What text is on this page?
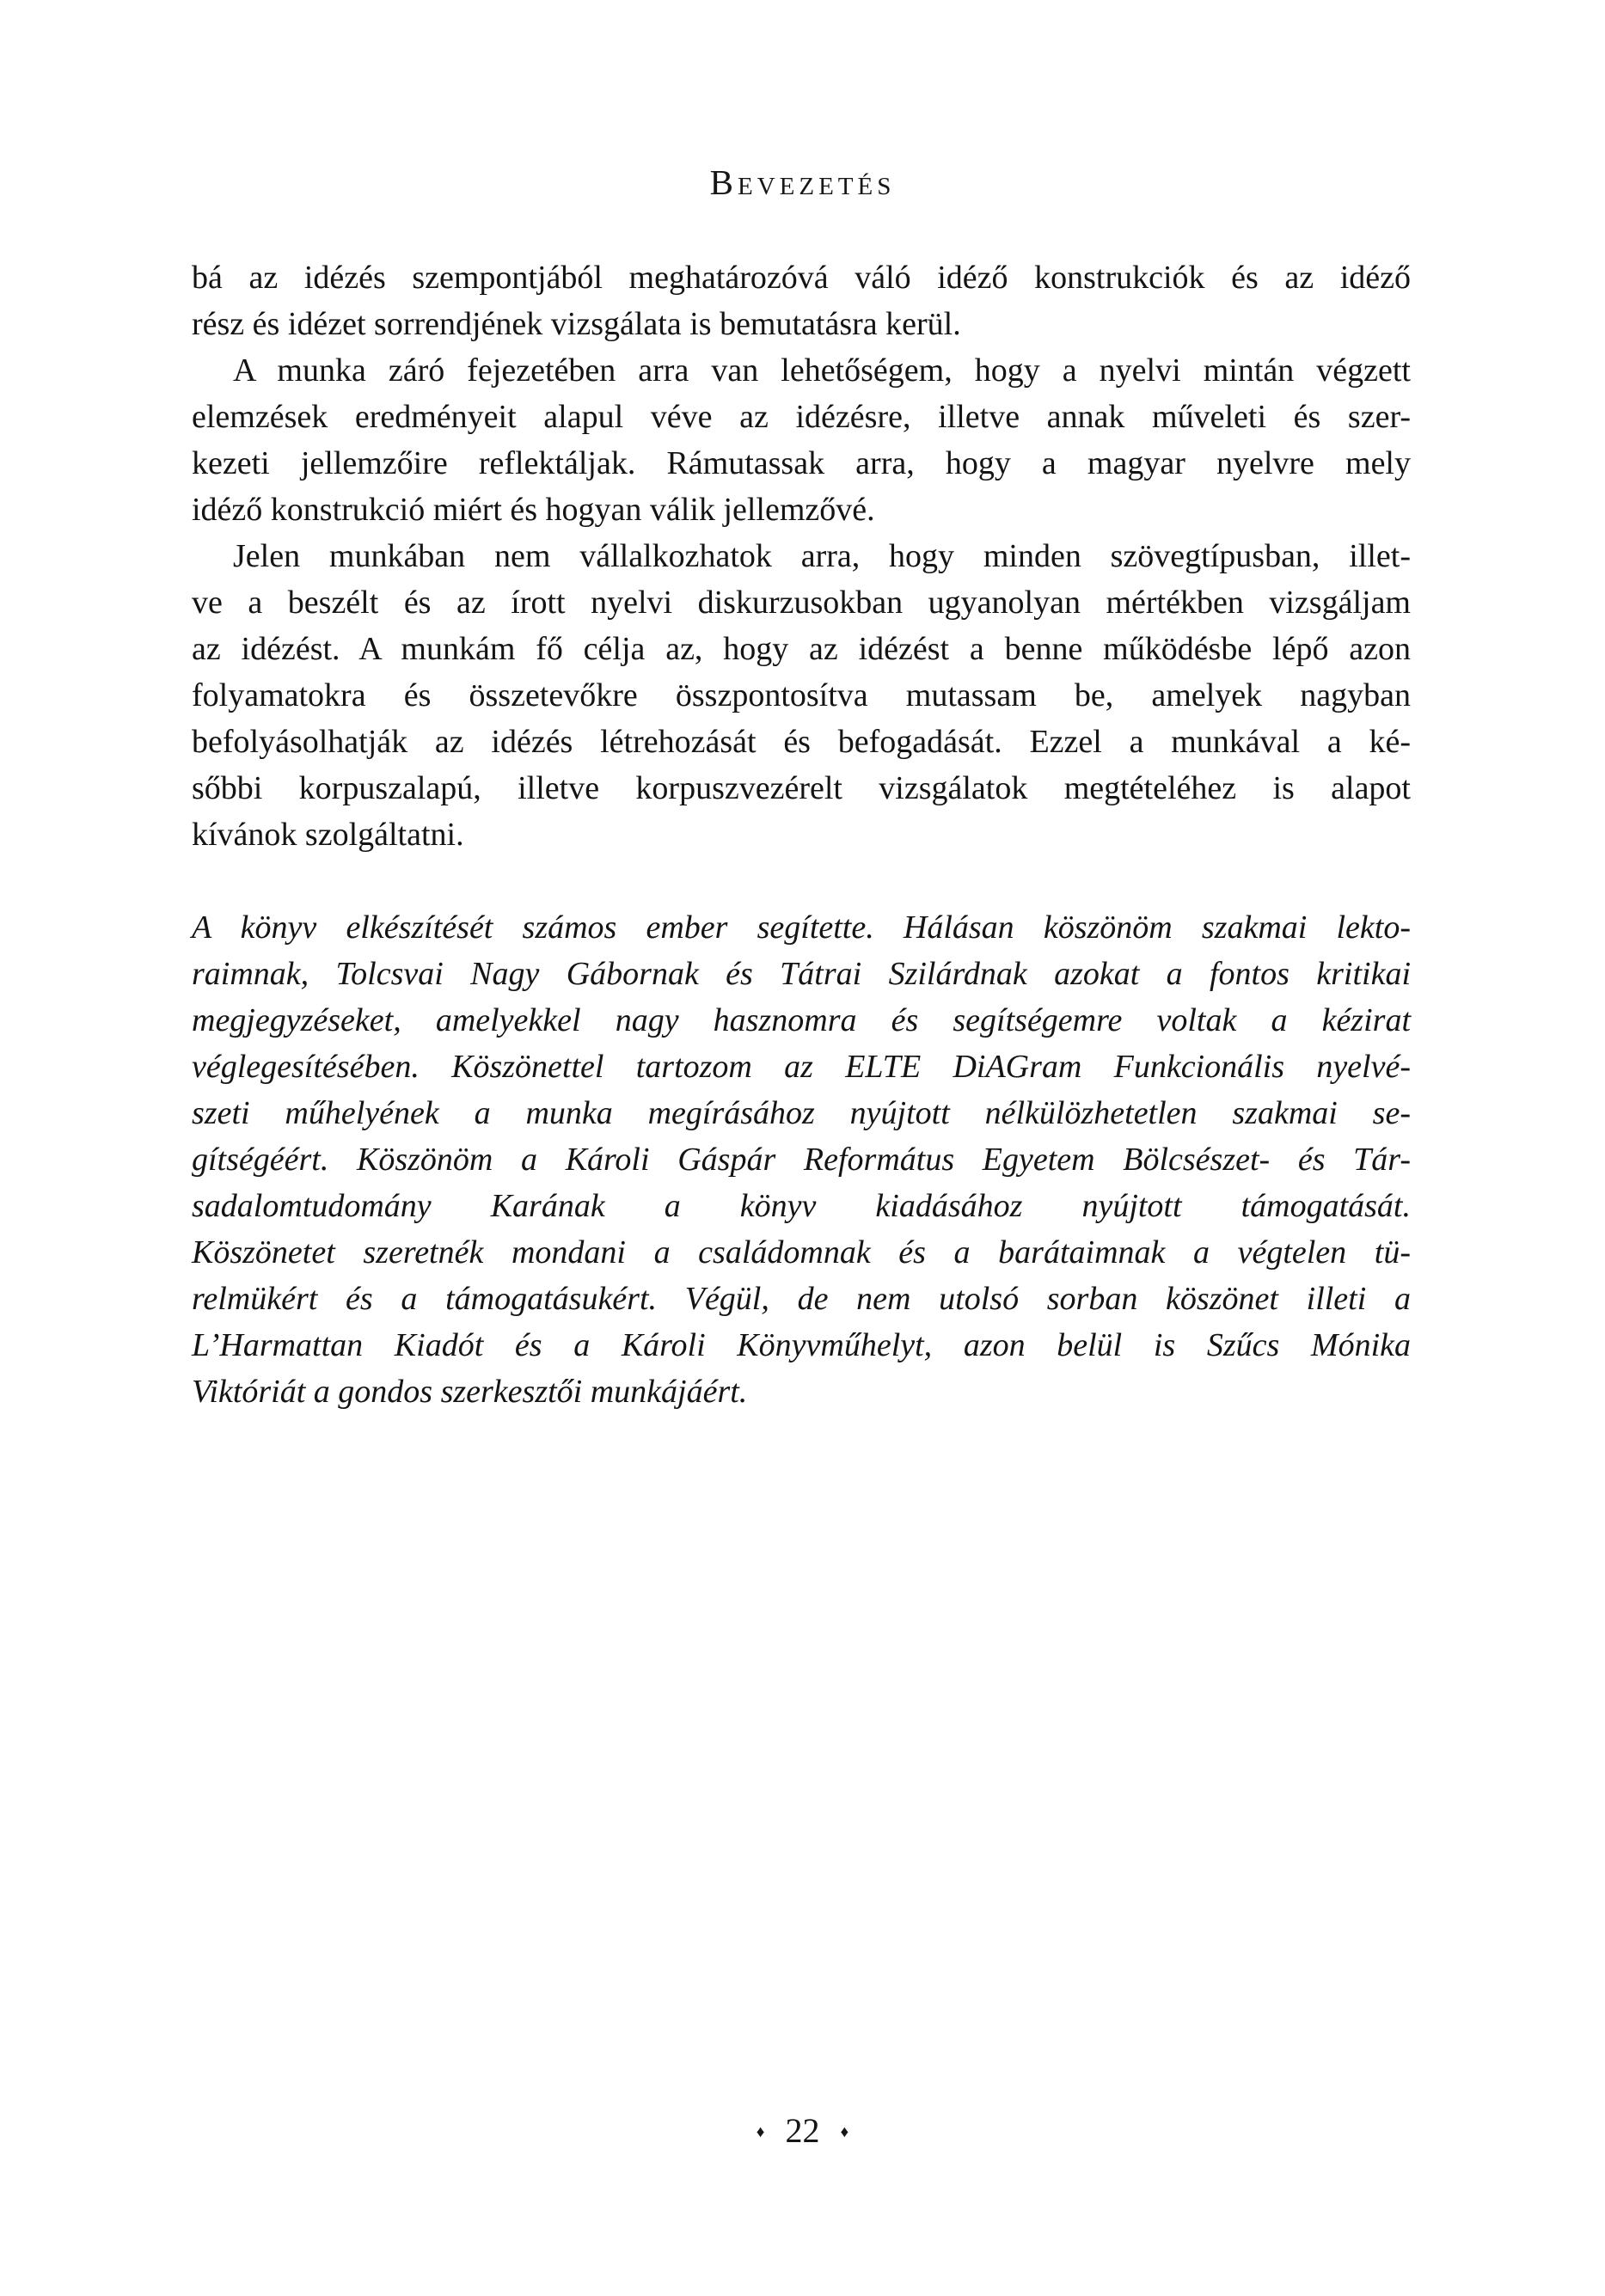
Bevezetés

bá az idézés szempontjából meghatározóvá váló idéző konstrukciók és az idéző
rész és idézet sorrendjének vizsgálata is bemutatásra kerül.

A munka záró fejezetében arra van lehetőségem, hogy a nyelvi mintán végzett
elemzések eredményeit alapul véve az idézésre, illetve annak műveleti és szer-
kezeti jellemzőire reflektáljak. Rámutassak arra, hogy a magyar nyelvre mely
idéző konstrukció miért és hogyan válik jellemzővé.

Jelen munkában nem vállalkozhatok arra, hogy minden szövegtípusban, illet-
ve a beszélt és az írott nyelvi diskurzusokban ugyanolyan mértékben vizsgáljam
az idézést. A munkám fő célja az, hogy az idézést a benne működésbe lépő azon
folyamatokra és összetevőkre összpontosítva mutassam be, amelyek nagyban
befolyásolhatják az idézés létrehozását és befogadását. Ezzel a munkával a ké-
sőbbi korpuszalapú, illetve korpuszvezérelt vizsgálatok megtételéhez is alapot
kívánok szolgáltatni.

A könyv elkészítését számos ember segítette. Hálásan köszönöm szakmai lekto-
raimnak, Tolcsvai Nagy Gábornak és Tátrai Szilárdnak azokat a fontos kritikai
megjegyzéseket, amelyekkel nagy hasznomra és segítségemre voltak a kézirat
véglegesítésében. Köszönettel tartozom az ELTE DiAGram Funkcionális nyelvé-
szeti műhelyének a munka megírásához nyújtott nélkülözhetetlen szakmai se-
gítségéért. Köszönöm a Károli Gáspár Református Egyetem Bölcsészet- és Tár-
sadalomtudomány Karának a könyv kiadásához nyújtott támogatását.
Köszönetet szeretnék mondani a családomnak és a barátaimnak a végtelen tü-
relmükért és a támogatásukért. Végül, de nem utolsó sorban köszönet illeti a
L’Harmattan Kiadót és a Károli Könyvműhelyt, azon belül is Szűcs Mónika
Viktóriát a gondos szerkesztői munkájáért.

♦ 22 ♦
